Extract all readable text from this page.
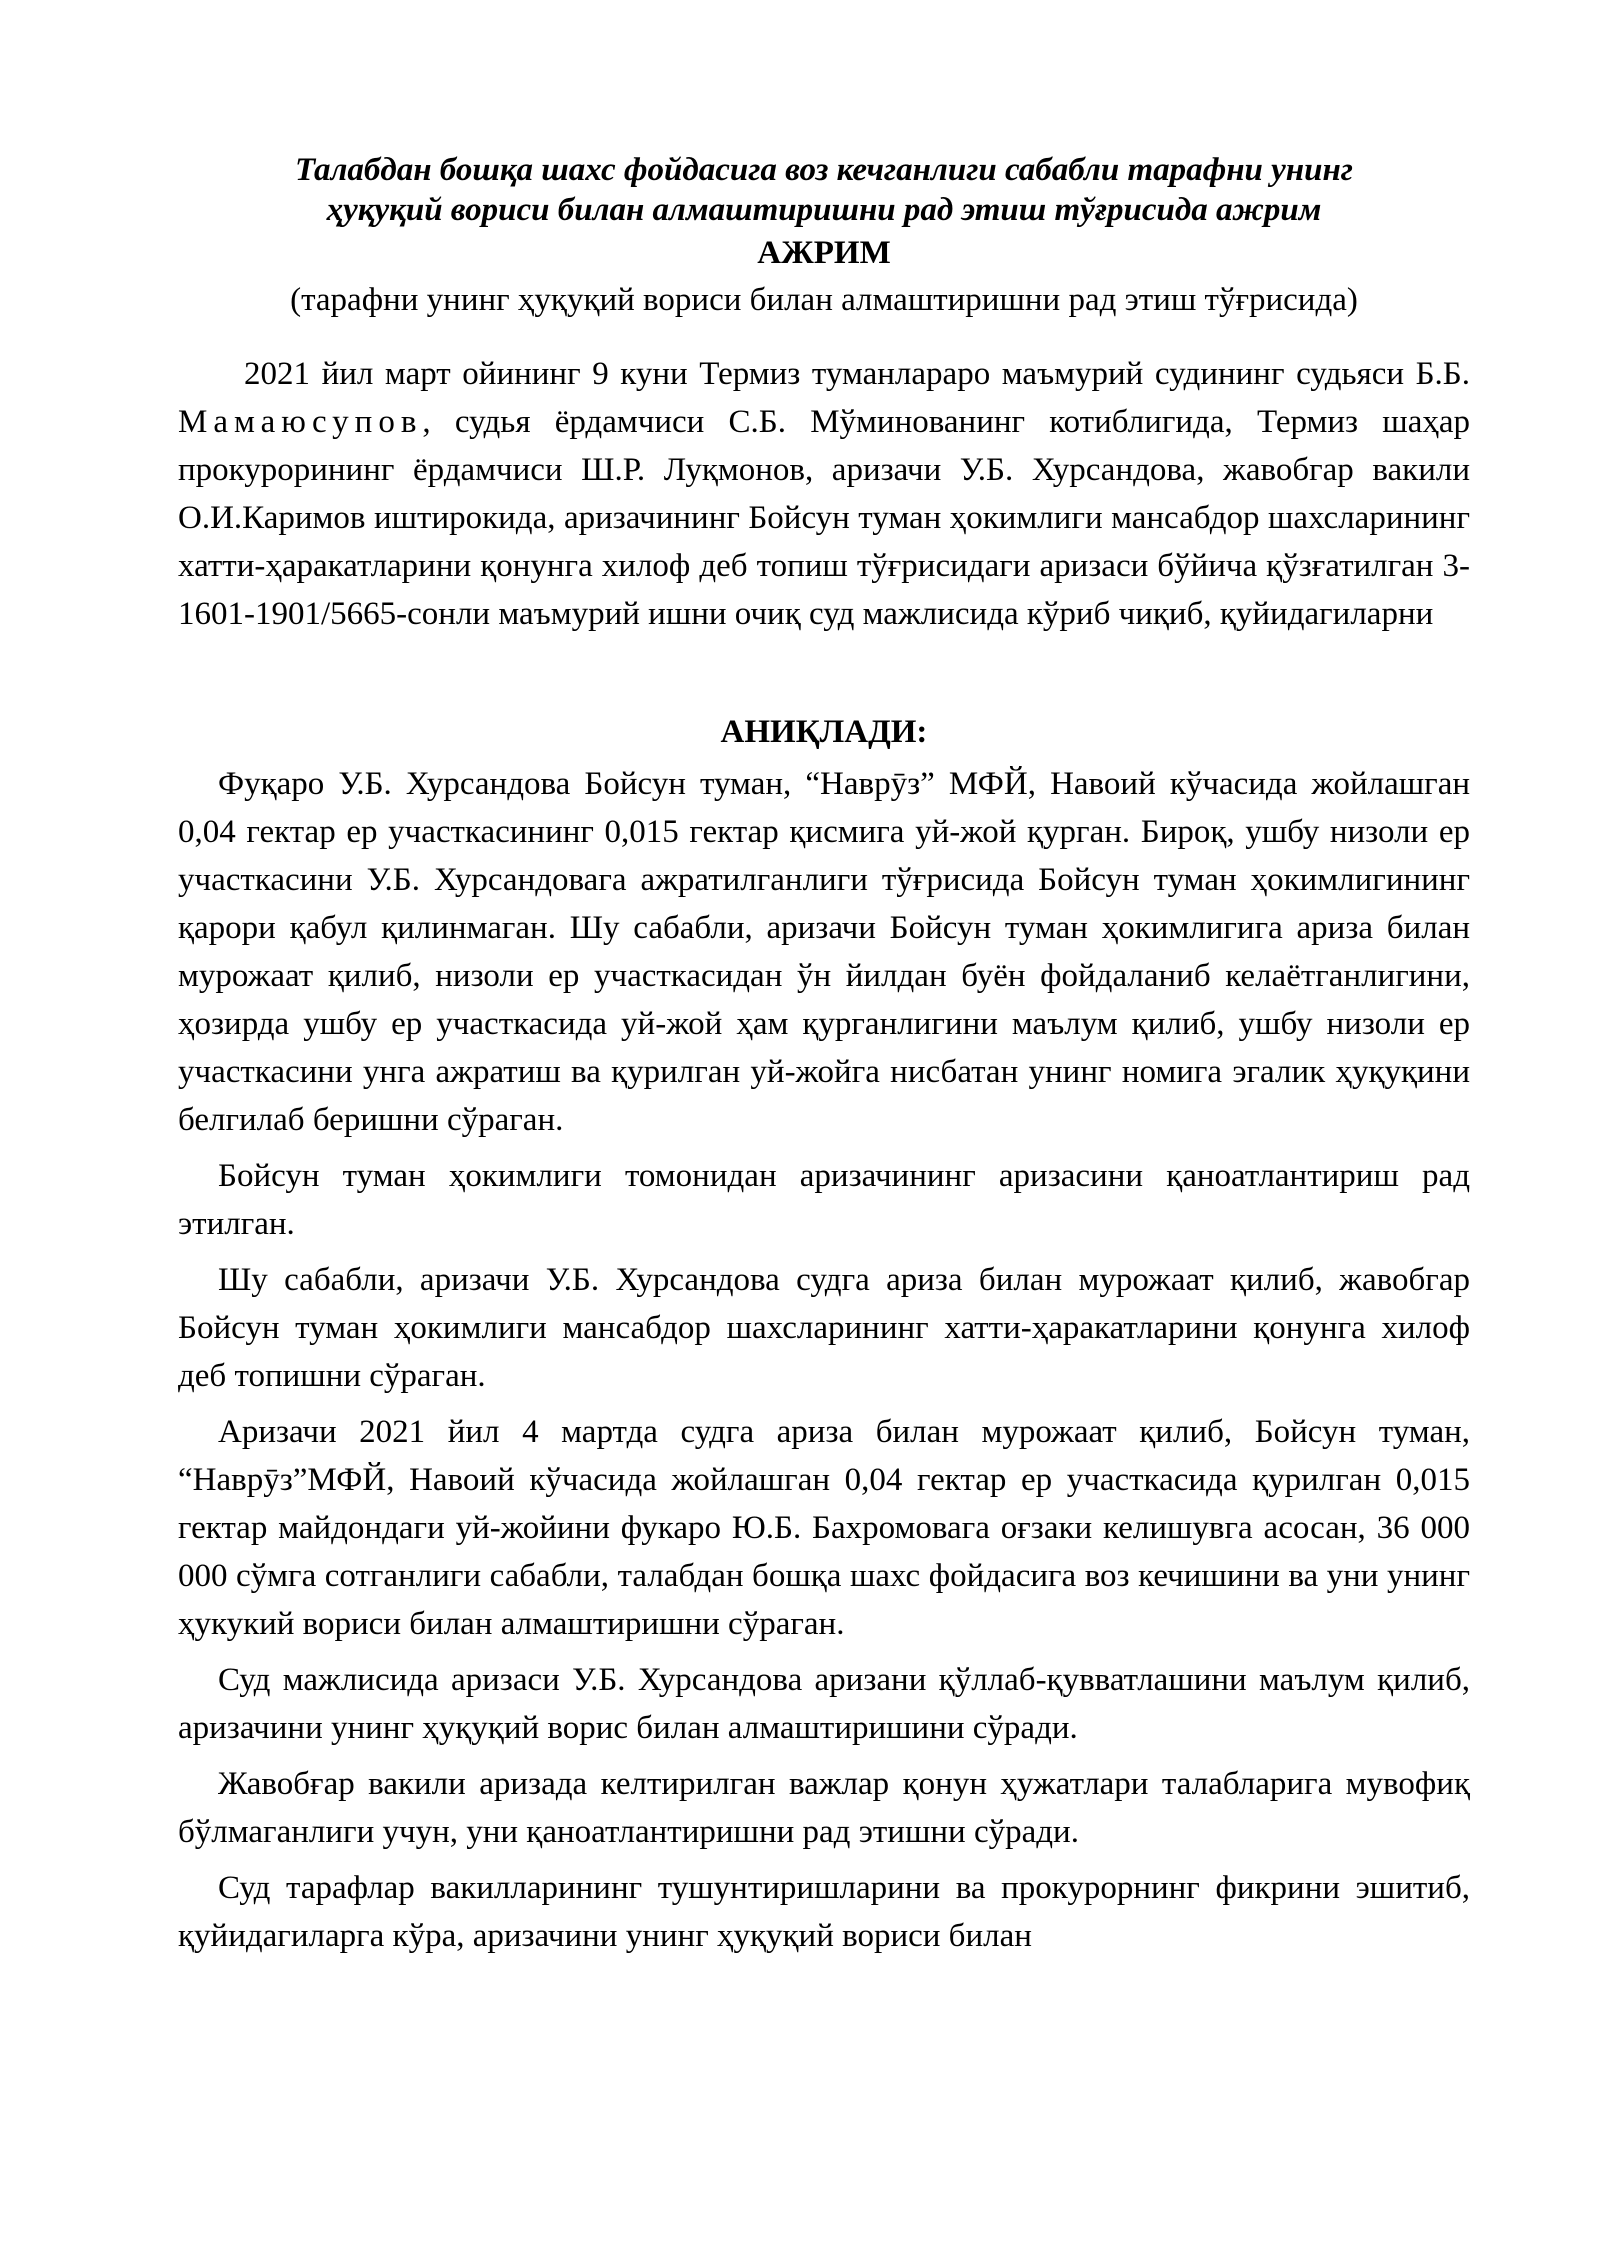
Талабдан бошқа шахс фойдасига воз кечганлиги сабабли тарафни унинг

ҳуқуқий вориси билан алмаштиришни рад этиш тўғрисида ажрим

АЖРИМ

(тарафни унинг ҳуқуқий вориси билан алмаштиришни рад этиш тўғрисида)

2021 йил март ойининг 9 куни Термиз туманлараро маъмурий судининг судьяси Б.Б. Мамаюсупов, судья ёрдамчиси С.Б. Мўминованинг котиблигида, Термиз шаҳар прокурорининг ёрдамчиси Ш.Р. Луқмонов, аризачи У.Б. Хурсандова, жавобгар вакили О.И.Каримов иштирокида, аризачининг Бойсун туман ҳокимлиги мансабдор шахсларининг хатти-ҳаракатларини қонунга хилоф деб топиш тўғрисидаги аризаси бўйича қўзғатилган 3-1601-1901/5665-сонли маъмурий ишни очиқ суд мажлисида кўриб чиқиб, қуйидагиларни

АНИҚЛАДИ:

Фуқаро У.Б. Хурсандова Бойсун туман, “Наврӯз” МФЙ, Навоий кўчасида жойлашган 0,04 гектар ер участкасининг 0,015 гектар қисмига уй-жой қурган. Бироқ, ушбу низоли ер участкасини У.Б. Хурсандовага ажратилганлиги тўғрисида Бойсун туман ҳокимлигининг қарори қабул қилинмаган. Шу сабабли, аризачи Бойсун туман ҳокимлигига ариза билан мурожаат қилиб, низоли ер участкасидан ўн йилдан буён фойдаланиб келаётганлигини, ҳозирда ушбу ер участкасида уй-жой ҳам қурганлигини маълум қилиб, ушбу низоли ер участкасини унга ажратиш ва қурилган уй-жойга нисбатан унинг номига эгалик ҳуқуқини белгилаб беришни сўраган.

Бойсун туман ҳокимлиги томонидан аризачининг аризасини қаноатлантириш рад этилган.

Шу сабабли, аризачи У.Б. Хурсандова судга ариза билан мурожаат қилиб, жавобгар Бойсун туман ҳокимлиги мансабдор шахсларининг хатти-ҳаракатларини қонунга хилоф деб топишни сўраган.

Аризачи 2021 йил 4 мартда судга ариза билан мурожаат қилиб, Бойсун туман, “Наврӯз”МФЙ, Навоий кўчасида жойлашган 0,04 гектар ер участкасида қурилган 0,015 гектар майдондаги уй-жойини фукаро Ю.Б. Бахромовага оғзаки келишувга асосан, 36 000 000 сўмга сотганлиги сабабли, талабдан бошқа шахс фойдасига воз кечишини ва уни унинг ҳукукий вориси билан алмаштиришни сўраган.

Суд мажлисида аризаси У.Б. Хурсандова аризани қўллаб-қувватлашини маълум қилиб, аризачини унинг ҳуқуқий ворис билан алмаштиришини сўради.

Жавобғар вакили аризада келтирилган важлар қонун ҳужатлари талабларига мувофиқ бўлмаганлиги учун, уни қаноатлантиришни рад этишни сўради.

Суд тарафлар вакилларининг тушунтиришларини ва прокурорнинг фикрини эшитиб, қуйидагиларга кўра, аризачини унинг ҳуқуқий вориси билан
